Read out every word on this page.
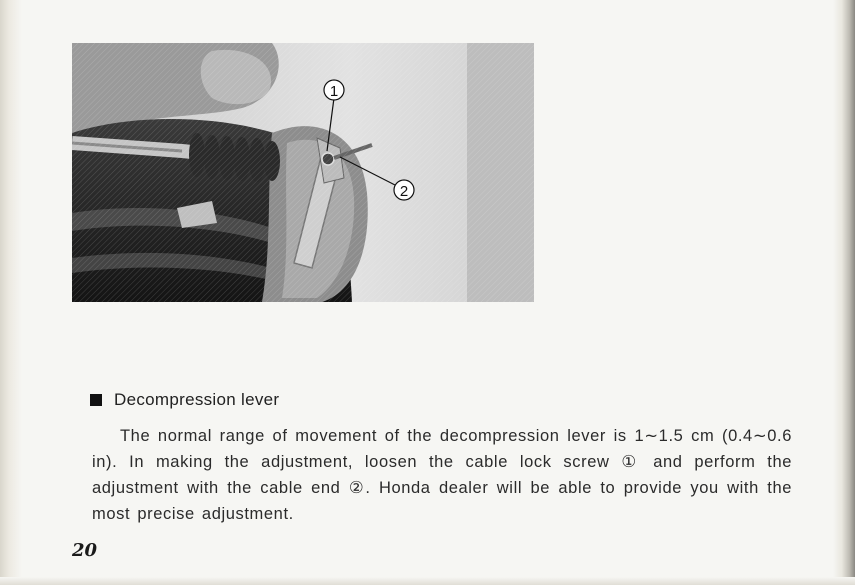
1
2
Decompression lever
The normal range of movement of the decompression lever is 1∼1.5 cm (0.4∼0.6 in). In making the adjustment, loosen the cable lock screw ① and perform the adjustment with the cable end ②. Honda dealer will be able to provide you with the most precise adjustment.
20
